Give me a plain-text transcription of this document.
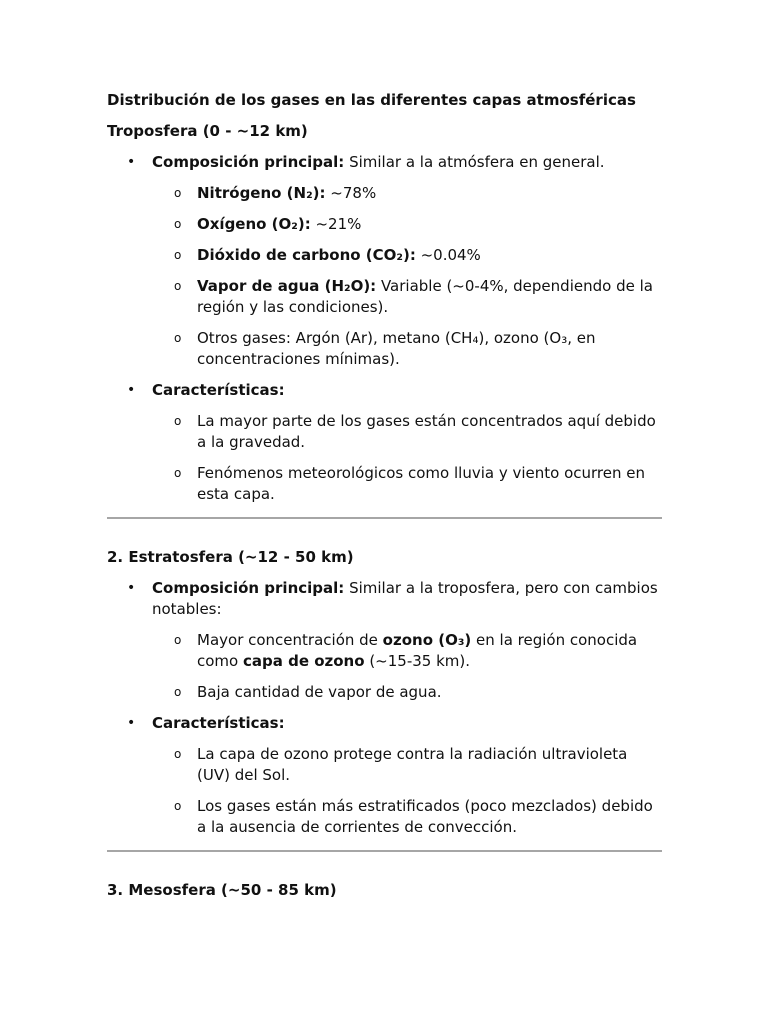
Distribución de los gases en las diferentes capas atmosféricas

Troposfera (0 - ~12 km)

• Composición principal: Similar a la atmósfera en general.
o Nitrógeno (N₂): ~78%
o Oxígeno (O₂): ~21%
o Dióxido de carbono (CO₂): ~0.04%
o Vapor de agua (H₂O): Variable (~0-4%, dependiendo de la región y las condiciones).
o Otros gases: Argón (Ar), metano (CH₄), ozono (O₃, en concentraciones mínimas).
• Características:
o La mayor parte de los gases están concentrados aquí debido a la gravedad.
o Fenómenos meteorológicos como lluvia y viento ocurren en esta capa.

2. Estratosfera (~12 - 50 km)

• Composición principal: Similar a la troposfera, pero con cambios notables:
o Mayor concentración de ozono (O₃) en la región conocida como capa de ozono (~15-35 km).
o Baja cantidad de vapor de agua.
• Características:
o La capa de ozono protege contra la radiación ultravioleta (UV) del Sol.
o Los gases están más estratificados (poco mezclados) debido a la ausencia de corrientes de convección.

3. Mesosfera (~50 - 85 km)
